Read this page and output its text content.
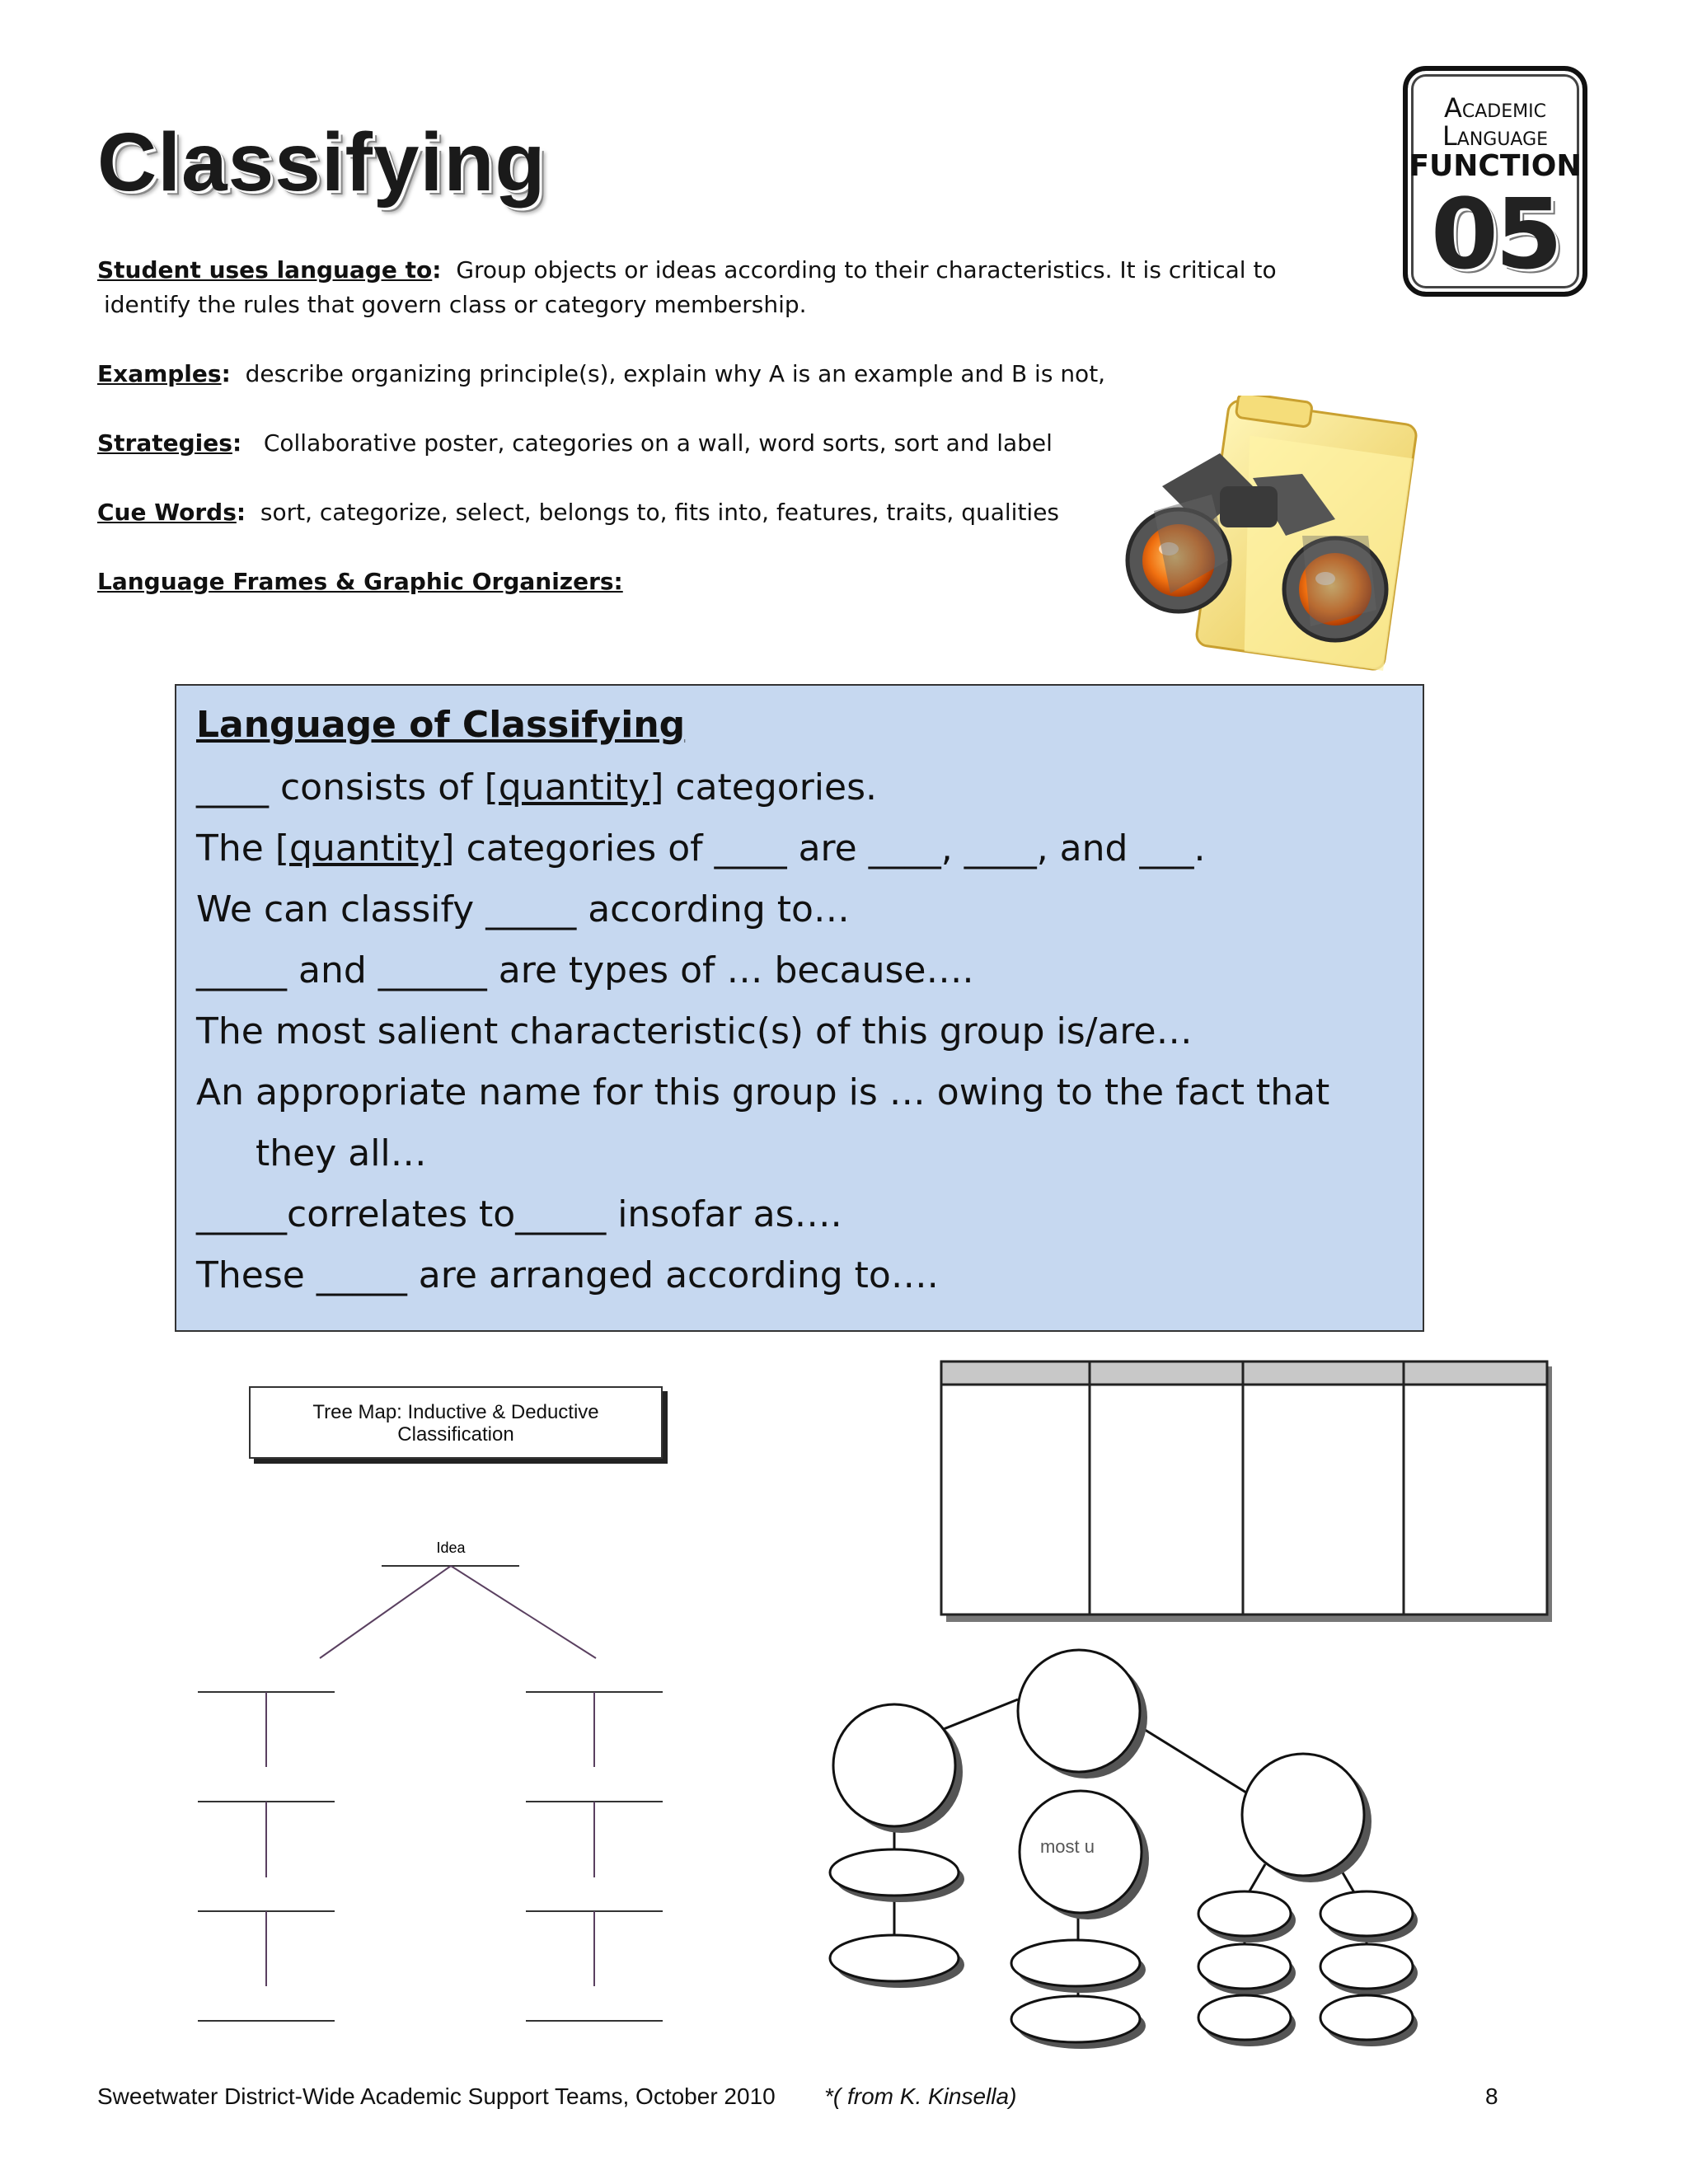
Classifying
Academic
Language
FUNCTION
05
Student uses language to: Group objects or ideas according to their characteristics. It is critical to
identify the rules that govern class or category membership.
Examples: describe organizing principle(s), explain why A is an example and B is not,
Strategies: Collaborative poster, categories on a wall, word sorts, sort and label
Cue Words: sort, categorize, select, belongs to, fits into, features, traits, qualities
Language Frames & Graphic Organizers:
Language of Classifying
____ consists of [quantity] categories.
The [quantity] categories of ____ are ____, ____, and ___.
We can classify _____ according to…
_____ and ______ are types of … because….
The most salient characteristic(s) of this group is/are…
An appropriate name for this group is … owing to the fact that
they all…
_____correlates to_____ insofar as….
These _____ are arranged according to….
Tree Map: Inductive & Deductive
Classification
Idea
most u
Sweetwater District-Wide Academic Support Teams, October 2010 *( from K. Kinsella)	8
